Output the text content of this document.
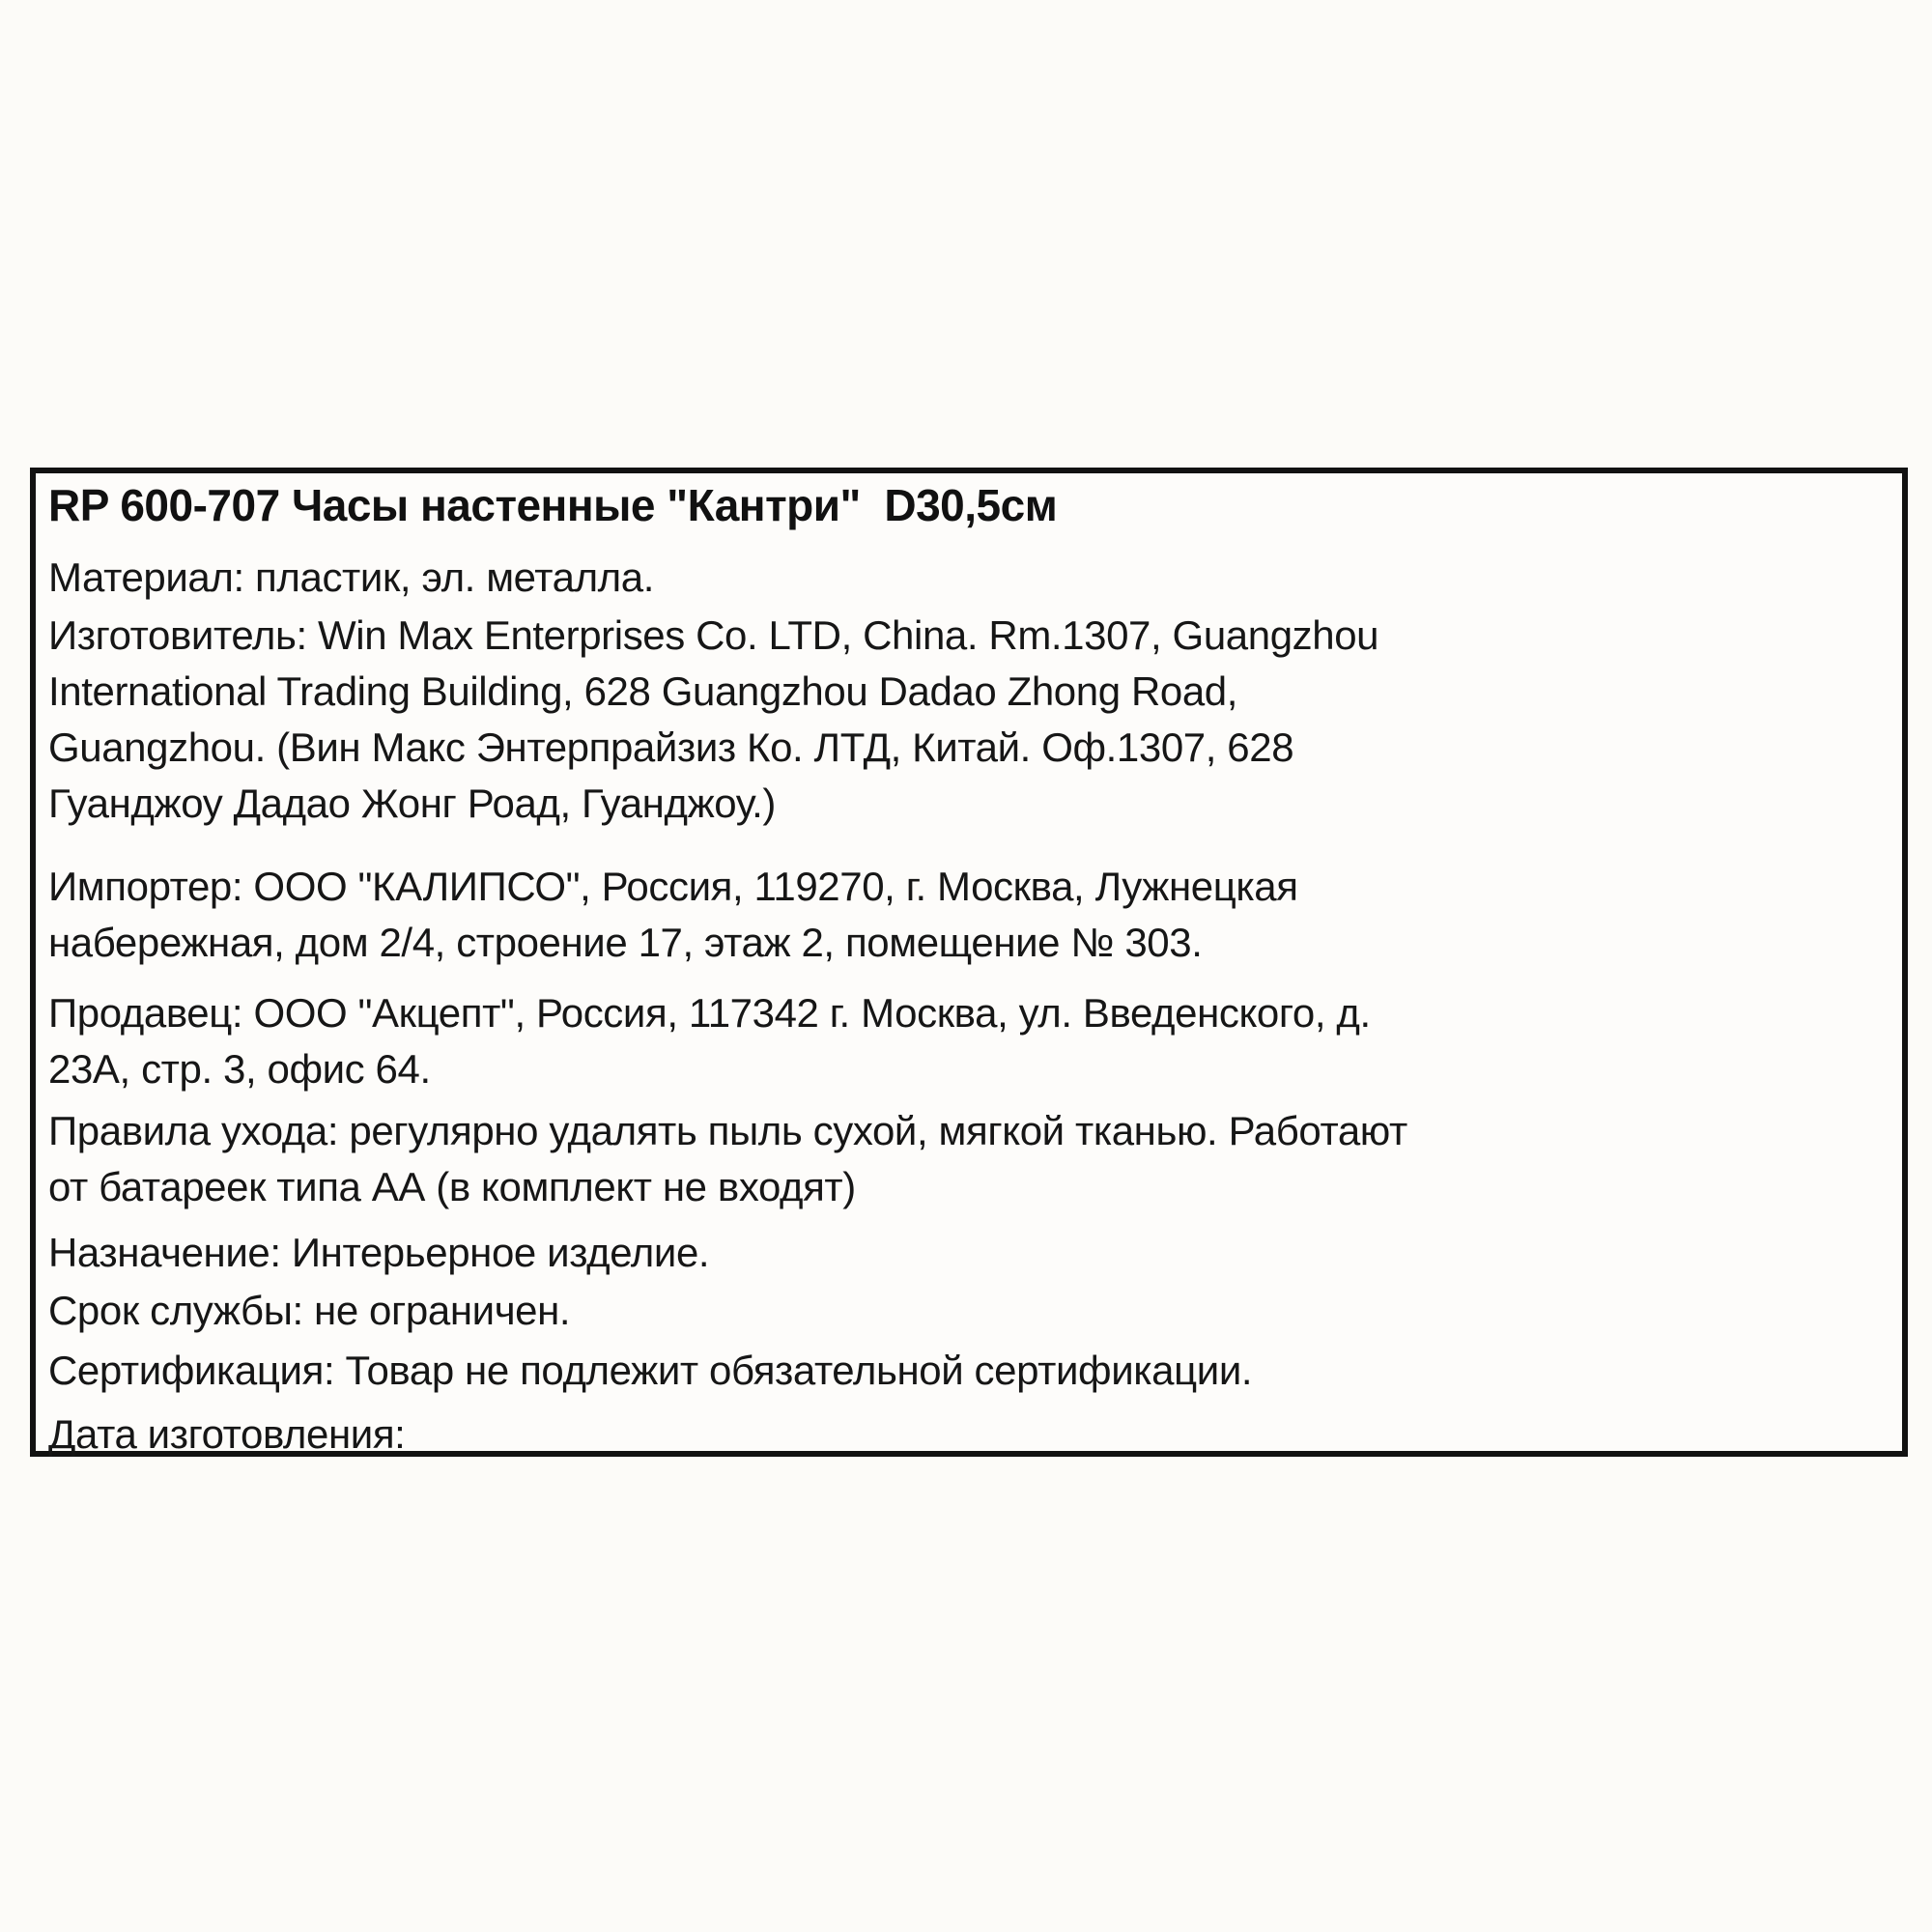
RP 600-707 Часы настенные "Кантри"  D30,5см
Материал: пластик, эл. металла.
Изготовитель: Win Max Enterprises Co. LTD, China. Rm.1307, Guangzhou
International Trading Building, 628 Guangzhou Dadao Zhong Road,
Guangzhou. (Вин Макс Энтерпрайзиз Ко. ЛТД, Китай. Оф.1307, 628
Гуанджоу Дадао Жонг Роад, Гуанджоу.)
Импортер: ООО "КАЛИПСО", Россия, 119270, г. Москва, Лужнецкая
набережная, дом 2/4, строение 17, этаж 2, помещение № 303.
Продавец: ООО "Акцепт", Россия, 117342 г. Москва, ул. Введенского, д.
23А, стр. 3, офис 64.
Правила ухода: регулярно удалять пыль сухой, мягкой тканью. Работают
от батареек типа АА (в комплект не входят)
Назначение: Интерьерное изделие.
Срок службы: не ограничен.
Сертификация: Товар не подлежит обязательной сертификации.
Дата изготовления:
